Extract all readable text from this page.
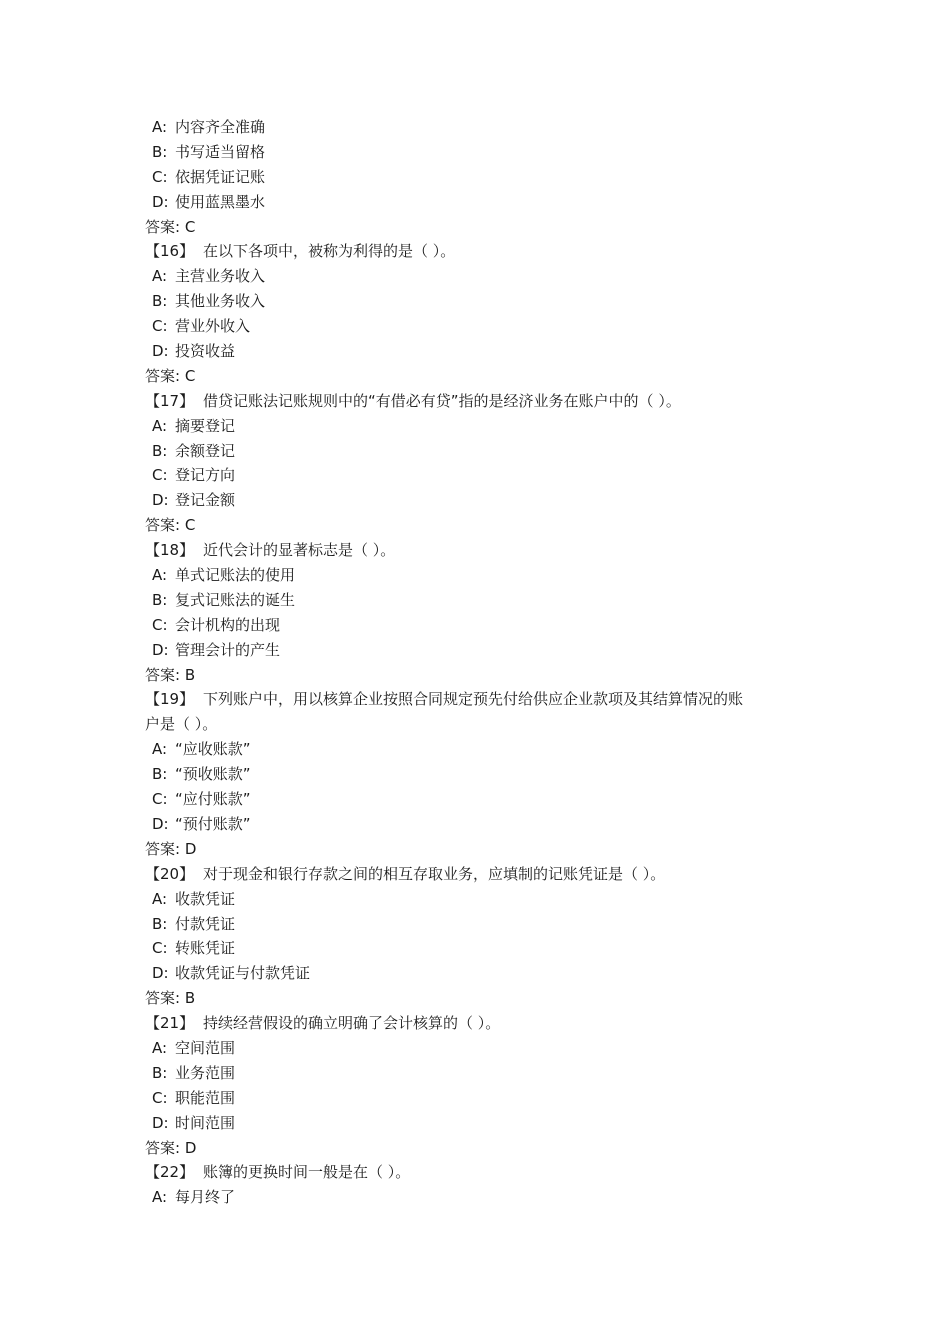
A: 内容齐全准确
B: 书写适当留格
C: 依据凭证记账
D: 使用蓝黑墨水
答案: C
【16】 在以下各项中，被称为利得的是（ ）。
A: 主营业务收入
B: 其他业务收入
C: 营业外收入
D: 投资收益
答案: C
【17】 借贷记账法记账规则中的“有借必有贷”指的是经济业务在账户中的（ ）。
A: 摘要登记
B: 余额登记
C: 登记方向
D: 登记金额
答案: C
【18】 近代会计的显著标志是（ ）。
A: 单式记账法的使用
B: 复式记账法的诞生
C: 会计机构的出现
D: 管理会计的产生
答案: B
【19】 下列账户中，用以核算企业按照合同规定预先付给供应企业款项及其结算情况的账
户是（ ）。
A: “应收账款”
B: “预收账款”
C: “应付账款”
D: “预付账款”
答案: D
【20】 对于现金和银行存款之间的相互存取业务，应填制的记账凭证是（ ）。
A: 收款凭证
B: 付款凭证
C: 转账凭证
D: 收款凭证与付款凭证
答案: B
【21】 持续经营假设的确立明确了会计核算的（ ）。
A: 空间范围
B: 业务范围
C: 职能范围
D: 时间范围
答案: D
【22】 账簿的更换时间一般是在（ ）。
A: 每月终了
